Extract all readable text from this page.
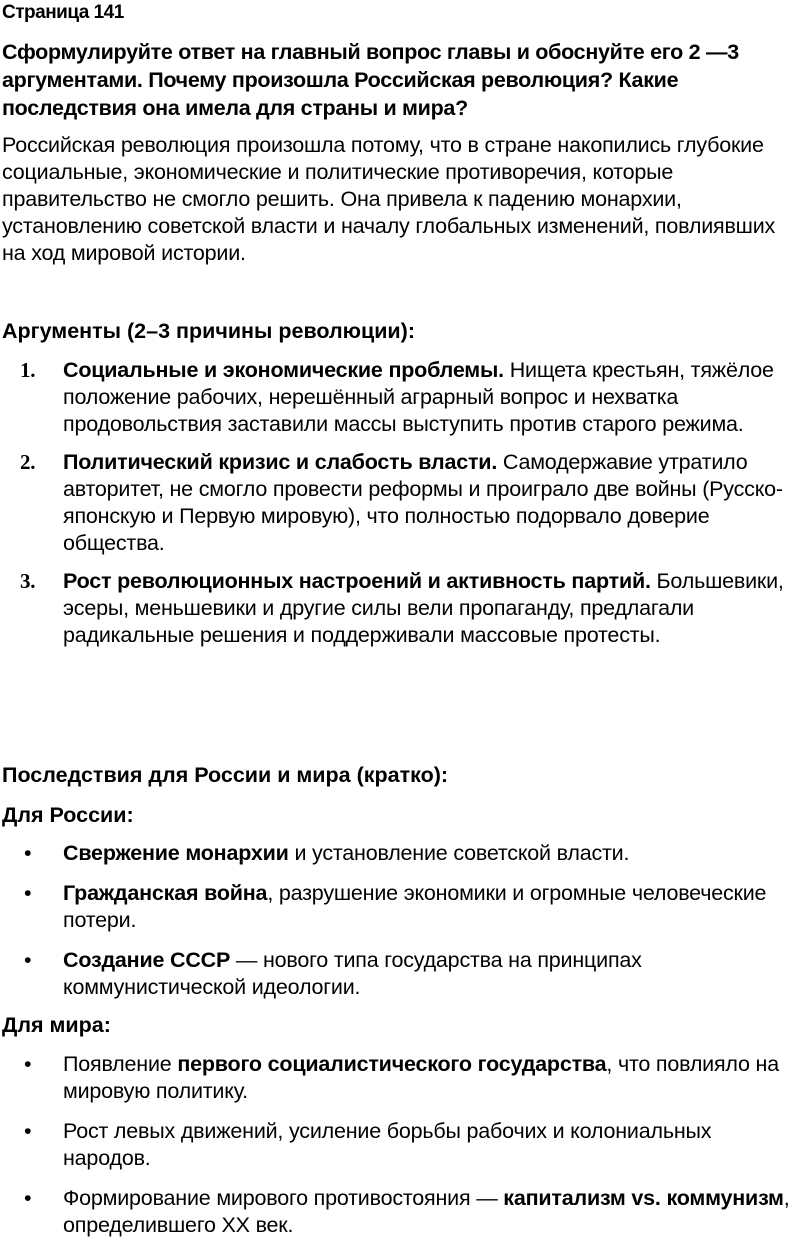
Страница 141
Сформулируйте ответ на главный вопрос главы и обоснуйте его 2 —3 аргументами. Почему произошла Российская революция? Какие последствия она имела для страны и мира?
Российская революция произошла потому, что в стране накопились глубокие социальные, экономические и политические противоречия, которые правительство не смогло решить. Она привела к падению монархии, установлению советской власти и началу глобальных изменений, повлиявших на ход мировой истории.
Аргументы (2–3 причины революции):
1. Социальные и экономические проблемы. Нищета крестьян, тяжёлое положение рабочих, нерешённый аграрный вопрос и нехватка продовольствия заставили массы выступить против старого режима.
2. Политический кризис и слабость власти. Самодержавие утратило авторитет, не смогло провести реформы и проиграло две войны (Русско-японскую и Первую мировую), что полностью подорвало доверие общества.
3. Рост революционных настроений и активность партий. Большевики, эсеры, меньшевики и другие силы вели пропаганду, предлагали радикальные решения и поддерживали массовые протесты.
Последствия для России и мира (кратко):
Для России:
• Свержение монархии и установление советской власти.
• Гражданская война, разрушение экономики и огромные человеческие потери.
• Создание СССР — нового типа государства на принципах коммунистической идеологии.
Для мира:
• Появление первого социалистического государства, что повлияло на мировую политику.
• Рост левых движений, усиление борьбы рабочих и колониальных народов.
• Формирование мирового противостояния — капитализм vs. коммунизм, определившего XX век.
